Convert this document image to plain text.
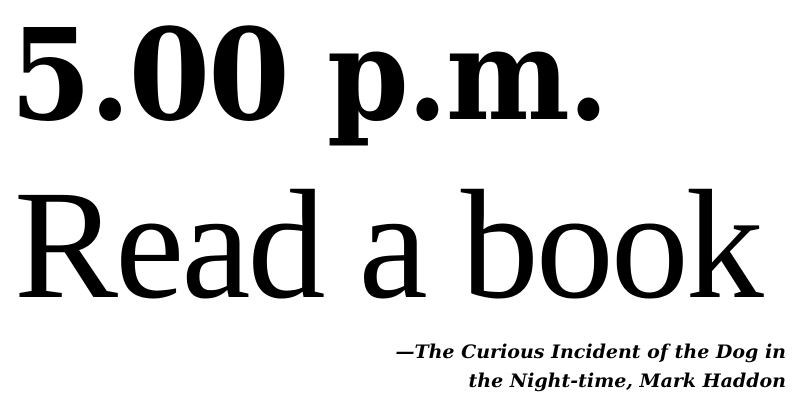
5.00 p.m.
Read a book

—The Curious Incident of the Dog in
the Night-time, Mark Haddon
